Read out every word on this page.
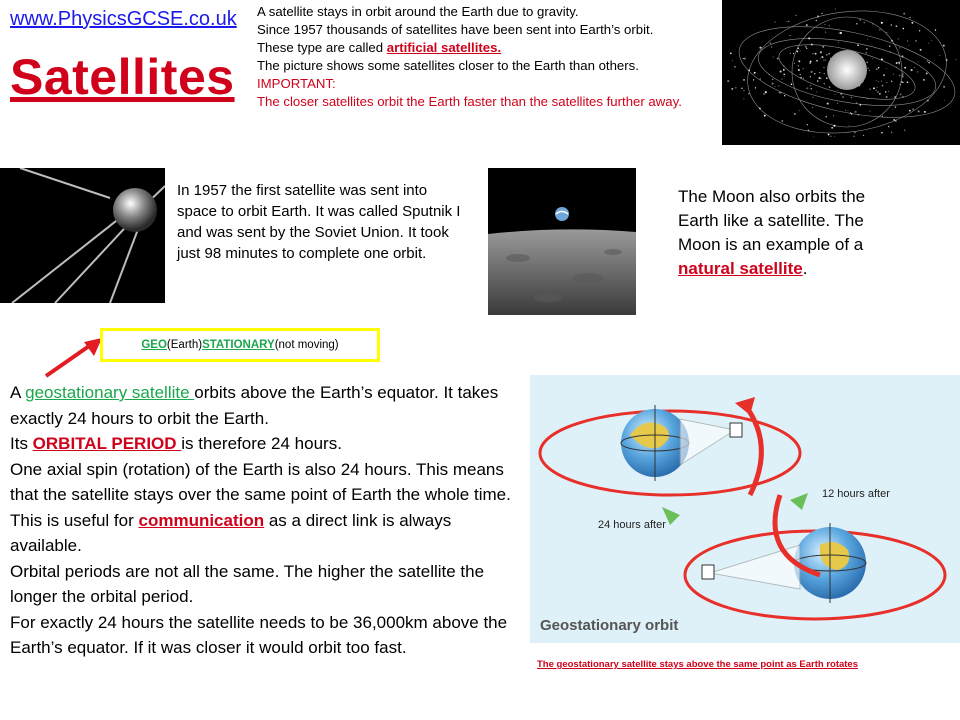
www.PhysicsGCSE.co.uk
Satellites

A satellite stays in orbit around the Earth due to gravity.

Since 1957 thousands of satellites have been sent into Earth’s orbit.

These type are called artificial satellites.

The picture shows some satellites closer to the Earth than others.

IMPORTANT:

The closer satellites orbit the Earth faster than the satellites further away.

In 1957 the first satellite was sent into space to orbit Earth. It was called Sputnik I and was sent by the Soviet Union. It took just 98 minutes to complete one orbit.
The Moon also orbits the Earth like a satellite. The Moon is an example of a natural satellite.
GEO (Earth) STATIONARY (not moving)

A geostationary satellite orbits above the Earth’s equator. It takes exactly 24 hours to orbit the Earth.

Its ORBITAL PERIOD is therefore 24 hours.

One axial spin (rotation) of the Earth is also 24 hours. This means that the satellite stays over the same point of Earth the whole time.

This is useful for communication as a direct link is always available.

Orbital periods are not all the same. The higher the satellite the longer the orbital period.

For exactly 24 hours the satellite needs to be 36,000km above the Earth’s equator. If it was closer it would orbit too fast.

12 hours after
24 hours after
Geostationary orbit
The geostationary satellite stays above the same point as Earth rotates
